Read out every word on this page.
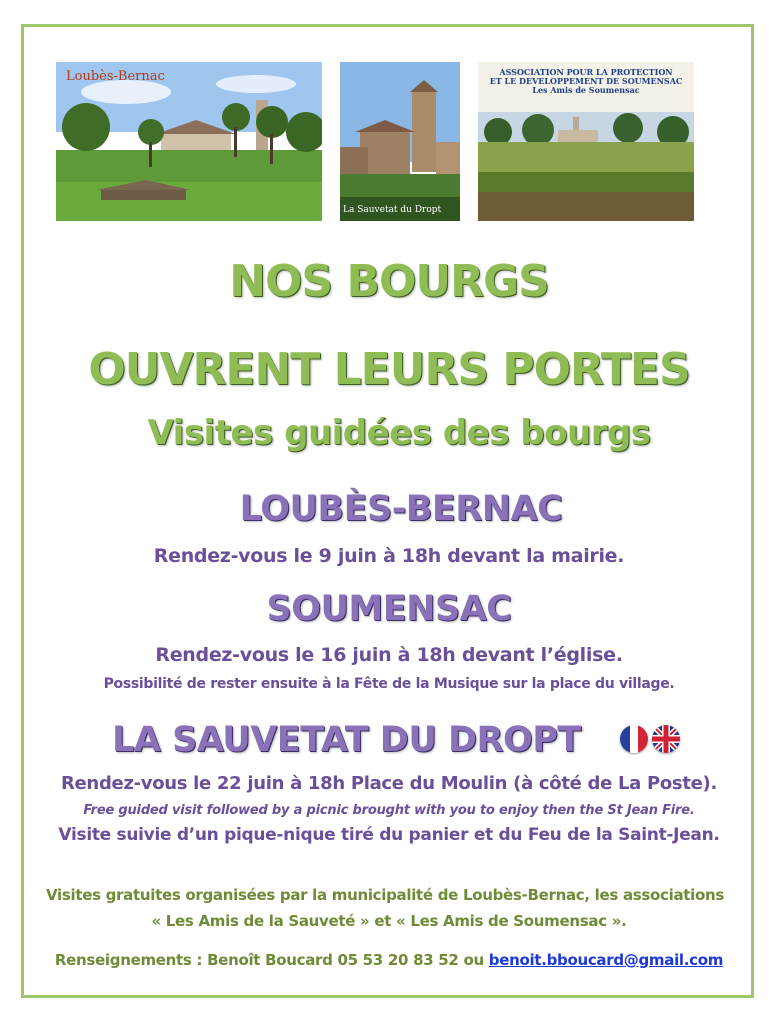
Loubès-Bernac
La Sauvetat du Dropt
ASSOCIATION POUR LA PROTECTION
ET LE DEVELOPPEMENT DE SOUMENSAC
Les Amis de Soumensac
NOS BOURGS
OUVRENT LEURS PORTES
Visites guidées des bourgs
LOUBÈS-BERNAC
Rendez-vous le 9 juin à 18h devant la mairie.
SOUMENSAC
Rendez-vous le 16 juin à 18h devant l’église.
Possibilité de rester ensuite à la Fête de la Musique sur la place du village.
LA SAUVETAT DU DROPT
Rendez-vous le 22 juin à 18h Place du Moulin (à côté de La Poste).
Free guided visit followed by a picnic brought with you to enjoy then the St Jean Fire.
Visite suivie d’un pique-nique tiré du panier et du Feu de la Saint-Jean.
Visites gratuites organisées par la municipalité de Loubès-Bernac, les associations
« Les Amis de la Sauveté » et « Les Amis de Soumensac ».
Renseignements : Benoît Boucard 05 53 20 83 52 ou benoit.bboucard@gmail.com
